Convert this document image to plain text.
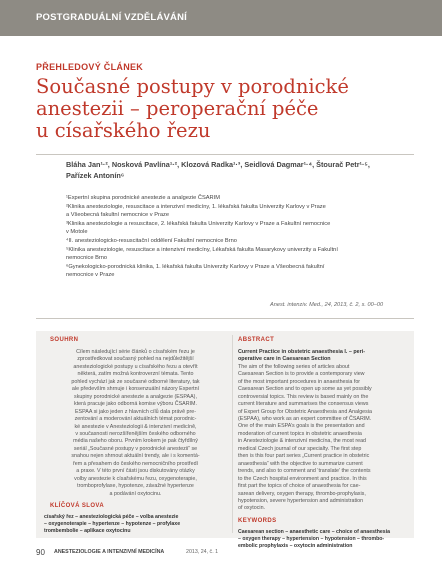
POSTGRADUÁLNÍ VZDĚLÁVÁNÍ
PŘEHLEDOVÝ ČLÁNEK
Současné postupy v porodnické
anestezii – peroperační péče
u císařského řezu
Bláha Jan¹·², Nosková Pavlína¹·², Klozová Radka¹·³, Seidlová Dagmar¹·⁴, Štourač Petr¹·⁵,
Pařízek Antonín⁶
¹Expertní skupina porodnické anestezie a analgezie ČSARIM
²Klinika anesteziologie, resuscitace a intenzivní medicíny, 1. lékařská fakulta Univerzity Karlovy v Praze
a Všeobecná fakultní nemocnice v Praze
³Klinika anesteziologie a resuscitace, 2. lékařská fakulta Univerzity Karlovy v Praze a Fakultní nemocnice
v Motole
⁴II. anesteziologicko-resuscitační oddělení Fakultní nemocnice Brno
⁵Klinika anesteziologie, resuscitace a intenzivní medicíny, Lékařská fakulta Masarykovy univerzity a Fakultní
nemocnice Brno
⁶Gynekologicko-porodnická klinika, 1. lékařská fakulta Univerzity Karlovy v Praze a Všeobecná fakultní
nemocnice v Praze
Anest. intenziv. Med., 24, 2013, č. 2, s. 00–00
SOUHRN
Cílem následující série článků o císařském řezu je
zprostředkovat současný pohled na nejdůležitější
anesteziologické postupy u císařského řezu a otevřít
některá, zatím možná kontroverzní témata. Tento
pohled vychází jak ze současné odborné literatury, tak
ale především shrnuje i konsenzuální názory Expertní
skupiny porodnické anestezie a analgezie (ESPAA),
která pracuje jako odborná komise výboru ČSARIM.
ESPAA si jako jeden z hlavních cílů dala právě pre-
zentování a moderování aktuálních témat porodnic-
ké anestezie v Anesteziologii & intenzivní medicíně,
v současnosti nerozšířenějším českého odborného
média našeho oboru. Prvním krokem je pak čtyřdílný
seriál „Současné postupy v porodnické anestezii“ se
snahou nejen shrnout aktuální trendy, ale i s komentá-
řem a přesahem do českého nemocničního prostředí
a praxe. V této první části jsou diskutovány otázky
volby anestezie k císařskému řezu, oxygenoterapie,
tromboprofylaxe, hypotenze, závažné hypertenze
a podávání oxytocinu.
KLÍČOVÁ SLOVA
císařský řez – anesteziologická péče – volba anestezie
– oxygenoterapie – hypertenze – hypotenze – profylaxe
trombembolie – aplikace oxytocinu
ABSTRACT
Current Practice in obstetric anaesthesia I. – peri-
operative care in Caesarean Section
The aim of the following series of articles about
Caesarean Section is to provide a contemporary view
of the most important procedures in anaesthesia for
Caesarean Section and to open up some as yet possibly
controversial topics. This review is based mainly on the
current literature and summarises the consensus views
of Expert Group for Obstetric Anaesthesia and Analgesia
(ESPAA), who work as an expert committee of ČSARIM.
One of the main ESPA’s goals is the presentation and
moderation of current topics in obstetric anaesthesia
in Anesteziologie & intenzivní medicína, the most read
medical Czech journal of our specialty. The first step
then is this four part series „Current practice in obstetric
anaesthesia“ with the objective to summarize current
trends, and also to comment and ‘translate’ the contents
to the Czech hospital environment and practice. In this
first part the topics of choice of anaesthesia for cae-
sarean delivery, oxygen therapy, thrombo-prophylaxis,
hypotension, severe hypertension and administration
of oxytocin.
KEYWORDS
Caesarean section – anaesthetic care – choice of anaesthesia
– oxygen therapy – hypertension – hypotension – thrombo-
embolic prophylaxis – oxytocin administration
90 ANESTEZIOLOGIE A INTENZIVNÍ MEDICÍNA	2013, 24, č. 1
